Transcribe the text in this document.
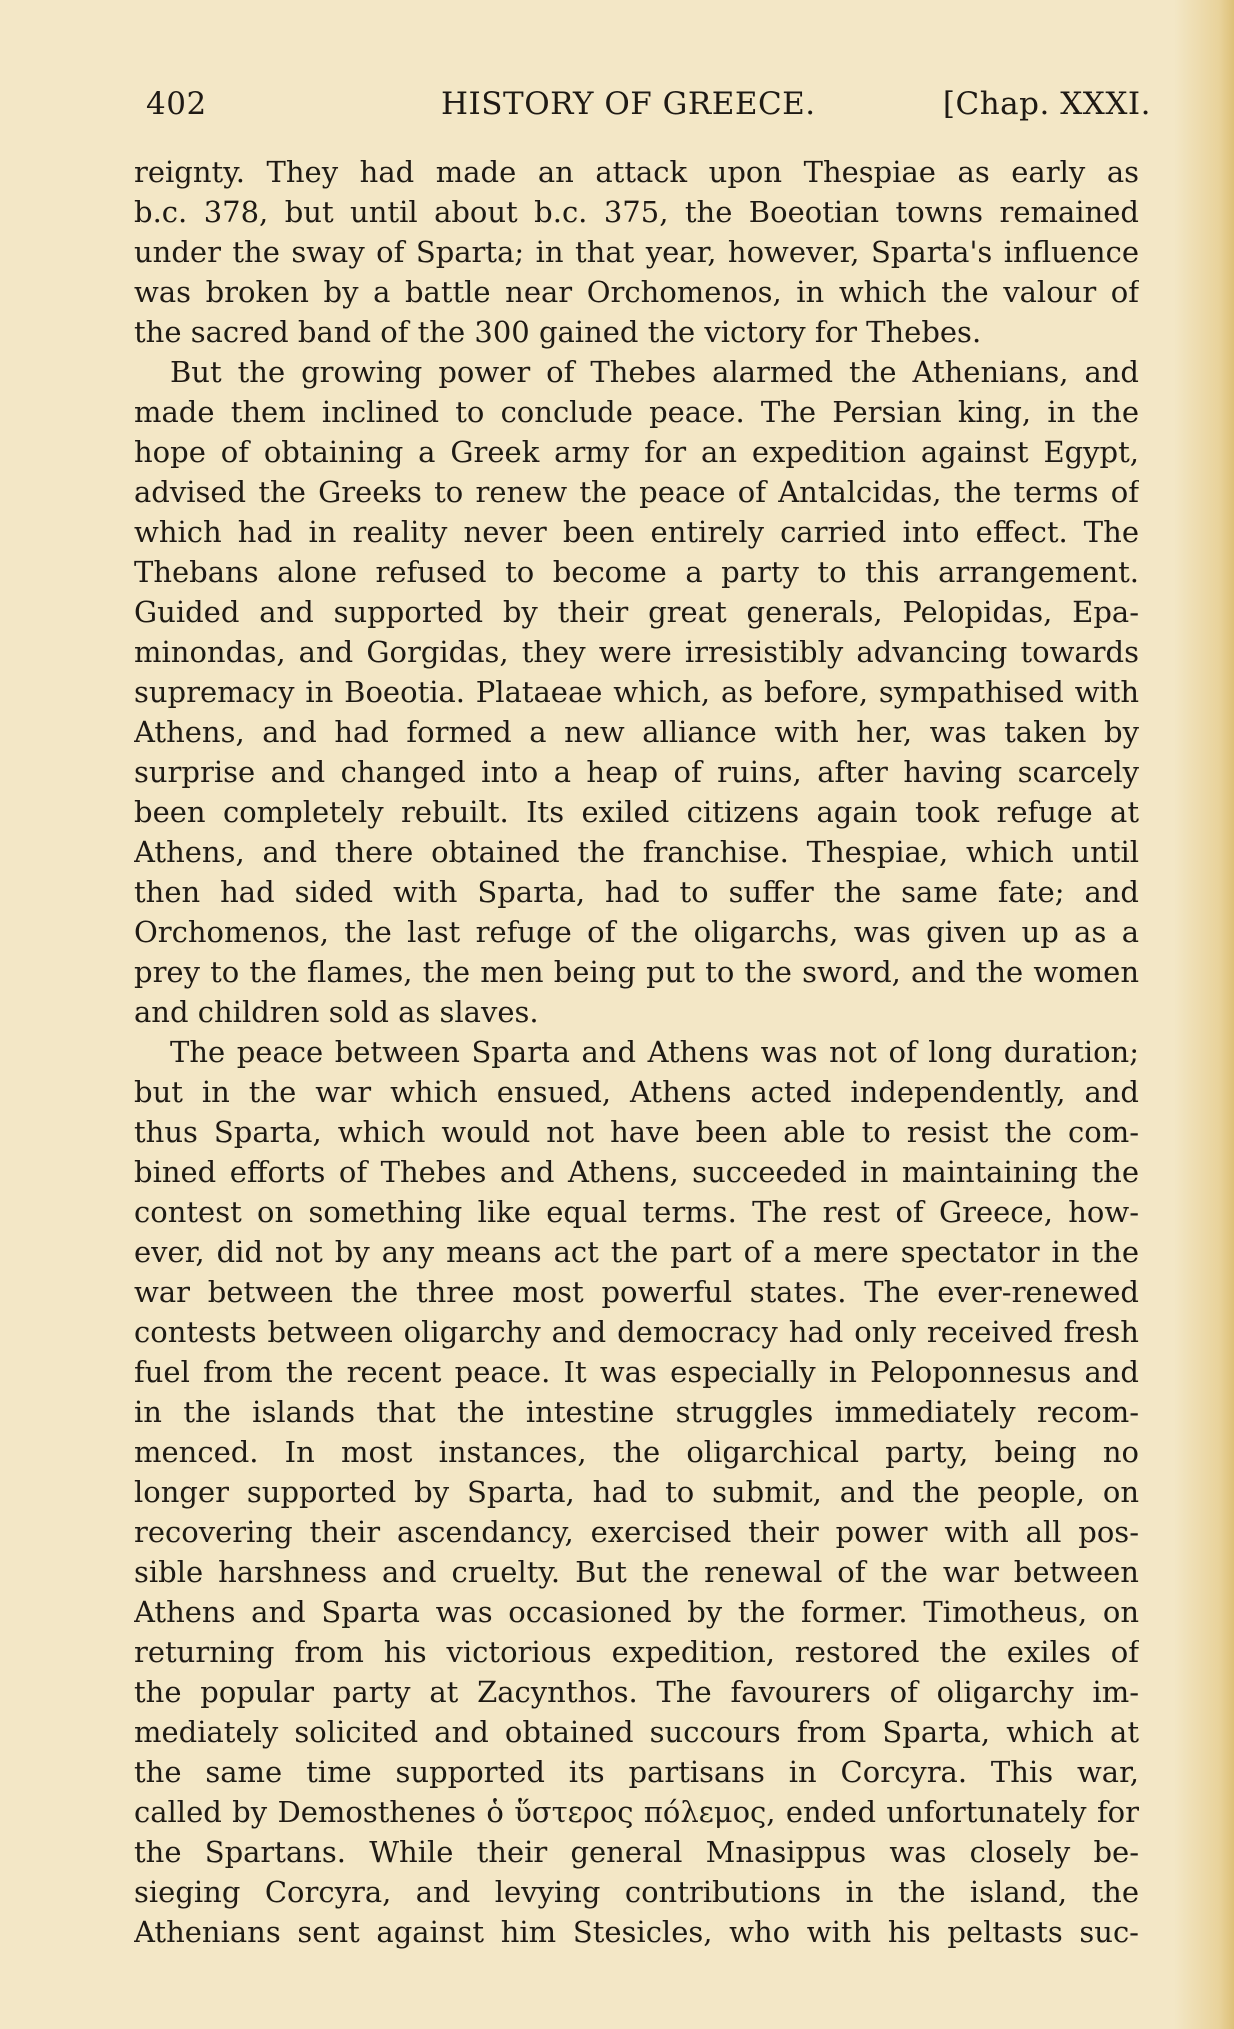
402	HISTORY OF GREECE.	[Chap. XXXI.
reignty. They had made an attack upon Thespiae as early as
b.c. 378, but until about b.c. 375, the Boeotian towns remained
under the sway of Sparta; in that year, however, Sparta's influence
was broken by a battle near Orchomenos, in which the valour of
the sacred band of the 300 gained the victory for Thebes.
But the growing power of Thebes alarmed the Athenians, and
made them inclined to conclude peace. The Persian king, in the
hope of obtaining a Greek army for an expedition against Egypt,
advised the Greeks to renew the peace of Antalcidas, the terms of
which had in reality never been entirely carried into effect. The
Thebans alone refused to become a party to this arrangement.
Guided and supported by their great generals, Pelopidas, Epa-
minondas, and Gorgidas, they were irresistibly advancing towards
supremacy in Boeotia. Plataeae which, as before, sympathised with
Athens, and had formed a new alliance with her, was taken by
surprise and changed into a heap of ruins, after having scarcely
been completely rebuilt. Its exiled citizens again took refuge at
Athens, and there obtained the franchise. Thespiae, which until
then had sided with Sparta, had to suffer the same fate; and
Orchomenos, the last refuge of the oligarchs, was given up as a
prey to the flames, the men being put to the sword, and the women
and children sold as slaves.
The peace between Sparta and Athens was not of long duration;
but in the war which ensued, Athens acted independently, and
thus Sparta, which would not have been able to resist the com-
bined efforts of Thebes and Athens, succeeded in maintaining the
contest on something like equal terms. The rest of Greece, how-
ever, did not by any means act the part of a mere spectator in the
war between the three most powerful states. The ever-renewed
contests between oligarchy and democracy had only received fresh
fuel from the recent peace. It was especially in Peloponnesus and
in the islands that the intestine struggles immediately recom-
menced. In most instances, the oligarchical party, being no
longer supported by Sparta, had to submit, and the people, on
recovering their ascendancy, exercised their power with all pos-
sible harshness and cruelty. But the renewal of the war between
Athens and Sparta was occasioned by the former. Timotheus, on
returning from his victorious expedition, restored the exiles of
the popular party at Zacynthos. The favourers of oligarchy im-
mediately solicited and obtained succours from Sparta, which at
the same time supported its partisans in Corcyra. This war,
called by Demosthenes ὁ ὕστερος πόλεμος, ended unfortunately for
the Spartans. While their general Mnasippus was closely be-
sieging Corcyra, and levying contributions in the island, the
Athenians sent against him Stesicles, who with his peltasts suc-
